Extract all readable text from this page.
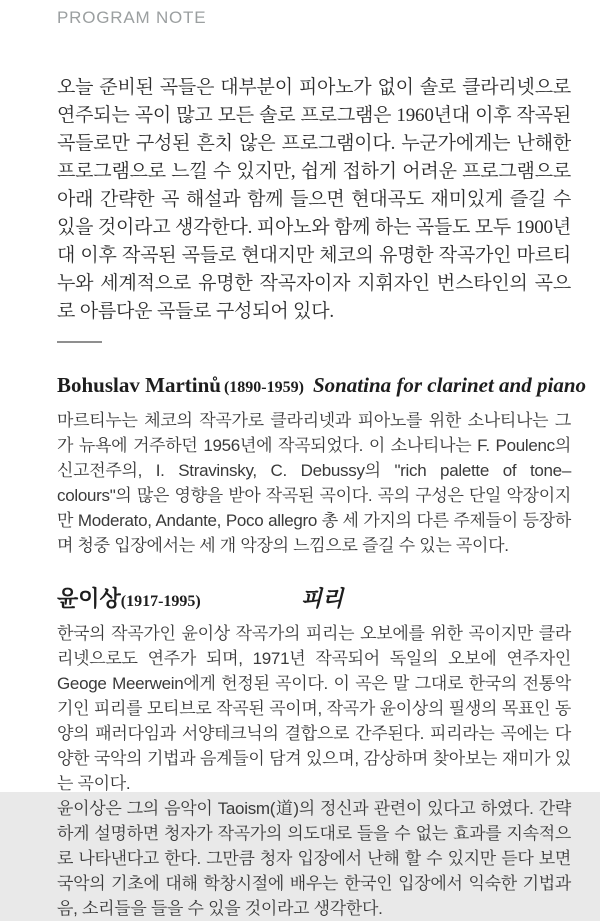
PROGRAM NOTE

오늘 준비된 곡들은 대부분이 피아노가 없이 솔로 클라리넷으로 연주되는 곡이 많고 모든 솔로 프로그램은 1960년대 이후 작곡된 곡들로만 구성된 흔치 않은 프로그램이다. 누군가에게는 난해한 프로그램으로 느낄 수 있지만, 쉽게 접하기 어려운 프로그램으로 아래 간략한 곡 해설과 함께 들으면 현대곡도 재미있게 즐길 수 있을 것이라고 생각한다. 피아노와 함께 하는 곡들도 모두 1900년대 이후 작곡된 곡들로 현대지만 체코의 유명한 작곡가인 마르티누와 세계적으로 유명한 작곡자이자 지휘자인 번스타인의 곡으로 아름다운 곡들로 구성되어 있다.

Bohuslav Martinů (1890-1959) Sonatina for clarinet and piano

마르티누는 체코의 작곡가로 클라리넷과 피아노를 위한 소나티나는 그가 뉴욕에 거주하던 1956년에 작곡되었다. 이 소나티나는 F. Poulenc의 신고전주의, I. Stravinsky, C. Debussy의 "rich palette of tone–colours"의 많은 영향을 받아 작곡된 곡이다. 곡의 구성은 단일 악장이지만 Moderato, Andante, Poco allegro 총 세 가지의 다른 주제들이 등장하며 청중 입장에서는 세 개 악장의 느낌으로 즐길 수 있는 곡이다.

윤이상(1917-1995)	피리

한국의 작곡가인 윤이상 작곡가의 피리는 오보에를 위한 곡이지만 클라리넷으로도 연주가 되며, 1971년 작곡되어 독일의 오보에 연주자인 Geoge Meerwein에게 헌정된 곡이다. 이 곡은 말 그대로 한국의 전통악기인 피리를 모티브로 작곡된 곡이며, 작곡가 윤이상의 필생의 목표인 동양의 패러다임과 서양테크닉의 결합으로 간주된다. 피리라는 곡에는 다양한 국악의 기법과 음계들이 담겨 있으며, 감상하며 찾아보는 재미가 있는 곡이다.

윤이상은 그의 음악이 Taoism(道)의 정신과 관련이 있다고 하였다. 간략하게 설명하면 청자가 작곡가의 의도대로 들을 수 없는 효과를 지속적으로 나타낸다고 한다. 그만큼 청자 입장에서 난해 할 수 있지만 듣다 보면 국악의 기초에 대해 학창시절에 배우는 한국인 입장에서 익숙한 기법과 음, 소리들을 들을 수 있을 것이라고 생각한다.
